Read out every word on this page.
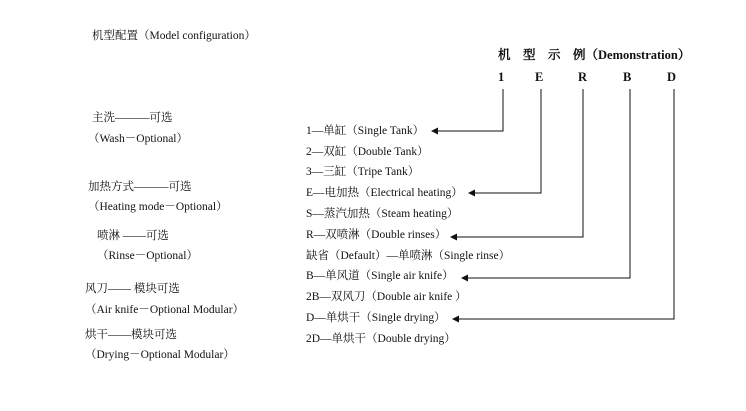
机型配置（Model configuration）
机　型　示　例（Demonstration）
1 E	R	B	D
主洗———可选
（Wash－Optional）
加热方式———可选
（Heating mode－Optional）
喷淋 ——可选
（Rinse－Optional）
风刀—— 模块可选
（Air knife－Optional Modular）
烘干——模块可选
（Drying－Optional Modular）
1—单缸（Single Tank）
2—双缸（Double Tank）
3—三缸（Tripe Tank）
E—电加热（Electrical heating）
S—蒸汽加热（Steam heating）
R—双喷淋（Double rinses）
缺省（Default）—单喷淋（Single rinse）
B—单风道（Single air knife）
2B—双风刀（Double air knife ）
D—单烘干（Single drying）
2D—单烘干（Double drying）
